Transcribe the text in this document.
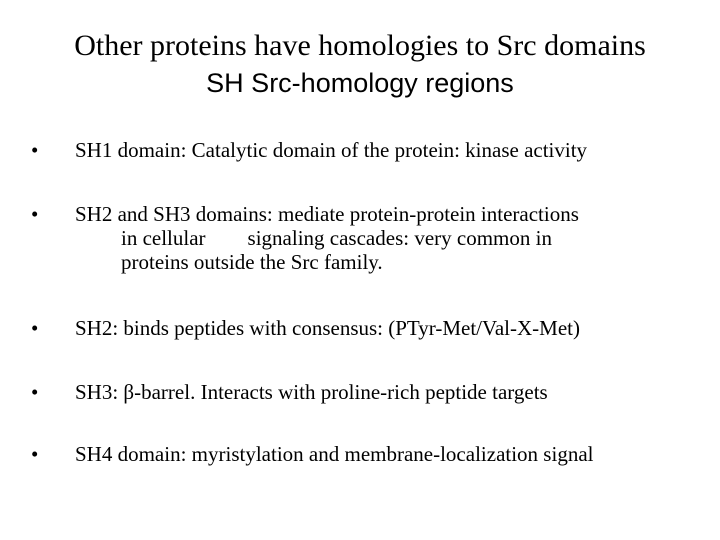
Other proteins have homologies to Src domains
SH Src-homology regions
•	SH1 domain: Catalytic domain of the protein: kinase activity
•	SH2 and SH3 domains: mediate protein-protein interactions
in cellular        signaling cascades: very common in
proteins outside the Src family.
•	SH2: binds peptides with consensus: (PTyr-Met/Val-X-Met)
•	SH3: β-barrel. Interacts with proline-rich peptide targets
•	SH4 domain: myristylation and membrane-localization signal
